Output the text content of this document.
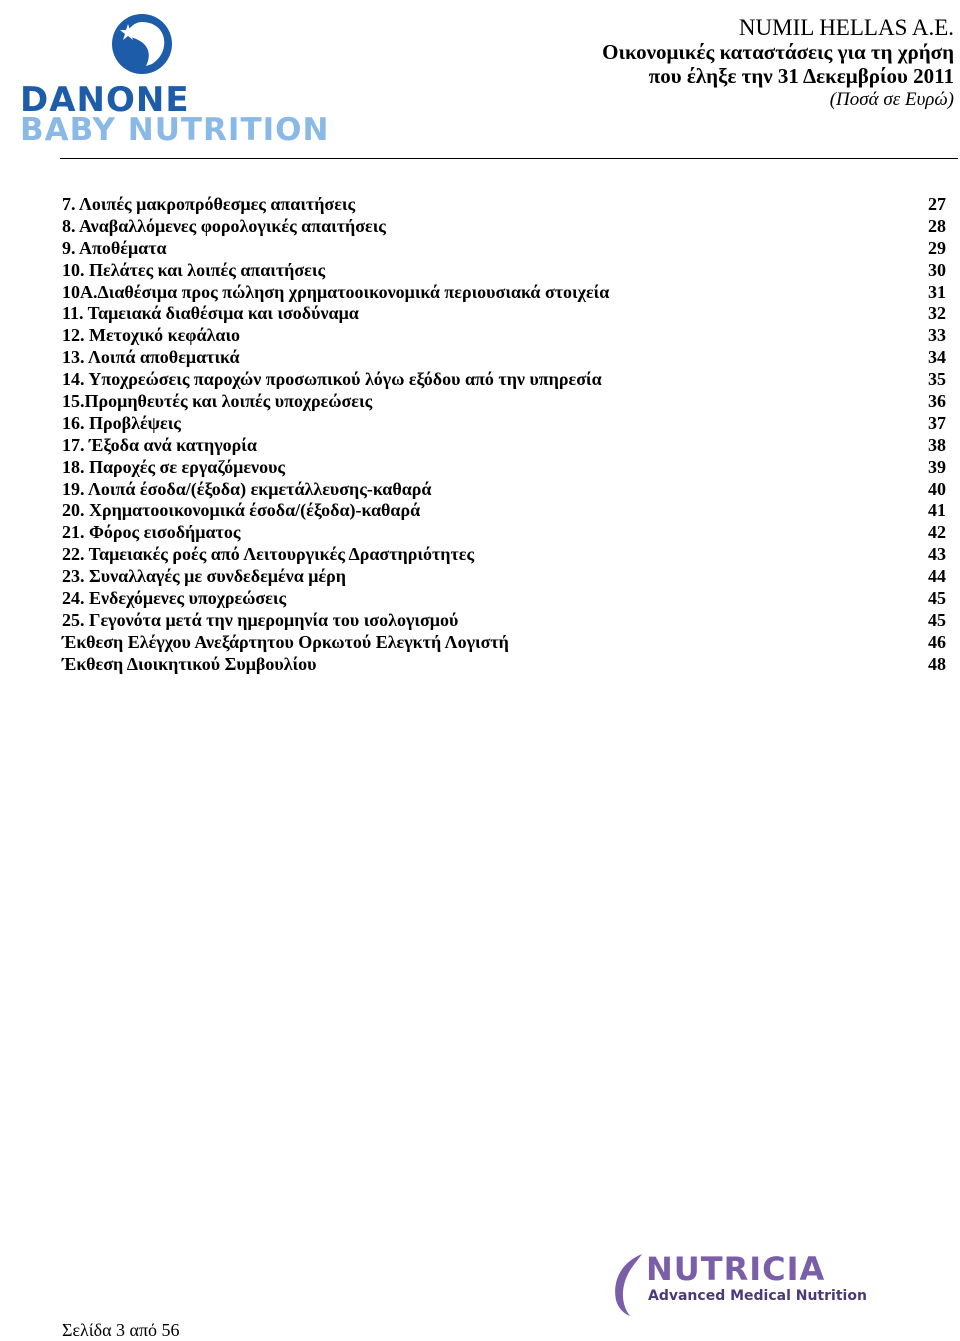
DANONE
BABY NUTRITION
NUMIL HELLAS A.E.
Οικονομικές καταστάσεις για τη χρήση
που έληξε την 31 Δεκεμβρίου 2011
(Ποσά σε Ευρώ)
7. Λοιπές μακροπρόθεσμες απαιτήσεις	27
8. Αναβαλλόμενες φορολογικές απαιτήσεις	28
9. Αποθέματα	29
10. Πελάτες και λοιπές απαιτήσεις	30
10Α.Διαθέσιμα προς πώληση χρηματοοικονομικά περιουσιακά στοιχεία	31
11. Ταμειακά διαθέσιμα και ισοδύναμα	32
12. Μετοχικό κεφάλαιο	33
13. Λοιπά αποθεματικά	34
14. Υποχρεώσεις παροχών προσωπικού λόγω εξόδου από την υπηρεσία	35
15.Προμηθευτές και λοιπές υποχρεώσεις	36
16. Προβλέψεις	37
17. Έξοδα ανά κατηγορία	38
18. Παροχές σε εργαζόμενους	39
19. Λοιπά έσοδα/(έξοδα) εκμετάλλευσης-καθαρά	40
20. Χρηματοοικονομικά έσοδα/(έξοδα)-καθαρά	41
21. Φόρος εισοδήματος	42
22. Ταμειακές ροές από Λειτουργικές Δραστηριότητες	43
23. Συναλλαγές με συνδεδεμένα μέρη	44
24. Ενδεχόμενες υποχρεώσεις	45
25. Γεγονότα μετά την ημερομηνία του ισολογισμού	45
Έκθεση Ελέγχου Ανεξάρτητου Ορκωτού Ελεγκτή Λογιστή	46
Έκθεση Διοικητικού Συμβουλίου	48
NUTRICIA
Advanced Medical Nutrition
Σελίδα 3 από 56
